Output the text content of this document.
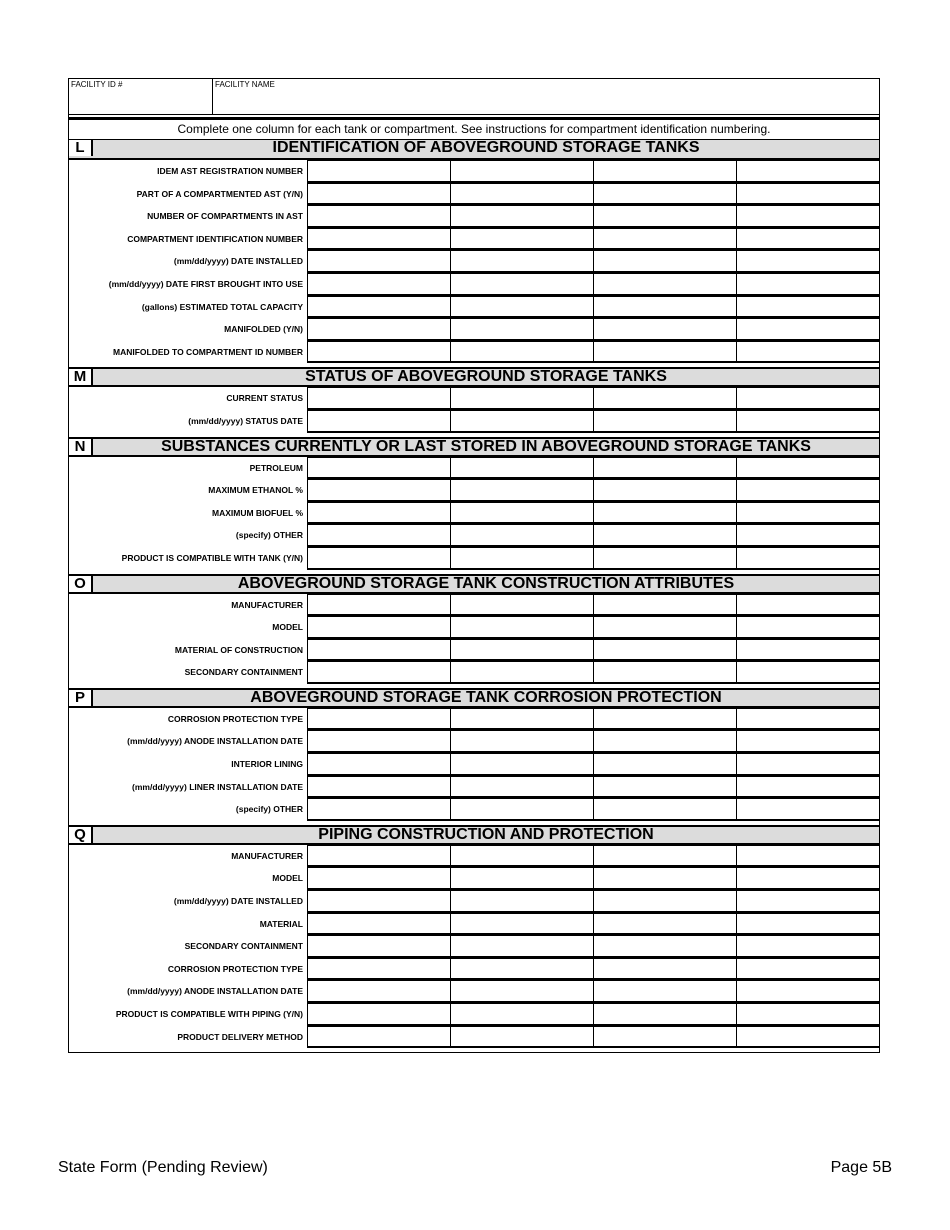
FACILITY ID #	FACILITY NAME
Complete one column for each tank or compartment. See instructions for compartment identification numbering.
L	IDENTIFICATION OF ABOVEGROUND STORAGE TANKS
IDEM AST REGISTRATION NUMBER
PART OF A COMPARTMENTED AST (Y/N)
NUMBER OF COMPARTMENTS IN AST
COMPARTMENT IDENTIFICATION NUMBER
(mm/dd/yyyy) DATE INSTALLED
(mm/dd/yyyy) DATE FIRST BROUGHT INTO USE
(gallons) ESTIMATED TOTAL CAPACITY
MANIFOLDED (Y/N)
MANIFOLDED TO COMPARTMENT ID NUMBER
M	STATUS OF ABOVEGROUND STORAGE TANKS
CURRENT STATUS
(mm/dd/yyyy) STATUS DATE
N	SUBSTANCES CURRENTLY OR LAST STORED IN ABOVEGROUND STORAGE TANKS
PETROLEUM
MAXIMUM ETHANOL %
MAXIMUM BIOFUEL %
(specify) OTHER
PRODUCT IS COMPATIBLE WITH TANK (Y/N)
O	ABOVEGROUND STORAGE TANK CONSTRUCTION ATTRIBUTES
MANUFACTURER
MODEL
MATERIAL OF CONSTRUCTION
SECONDARY CONTAINMENT
P	ABOVEGROUND STORAGE TANK CORROSION PROTECTION
CORROSION PROTECTION TYPE
(mm/dd/yyyy) ANODE INSTALLATION DATE
INTERIOR LINING
(mm/dd/yyyy) LINER INSTALLATION DATE
(specify) OTHER
Q	PIPING CONSTRUCTION AND PROTECTION
MANUFACTURER
MODEL
(mm/dd/yyyy) DATE INSTALLED
MATERIAL
SECONDARY CONTAINMENT
CORROSION PROTECTION TYPE
(mm/dd/yyyy) ANODE INSTALLATION DATE
PRODUCT IS COMPATIBLE WITH PIPING (Y/N)
PRODUCT DELIVERY METHOD
State Form (Pending Review)	Page 5B
